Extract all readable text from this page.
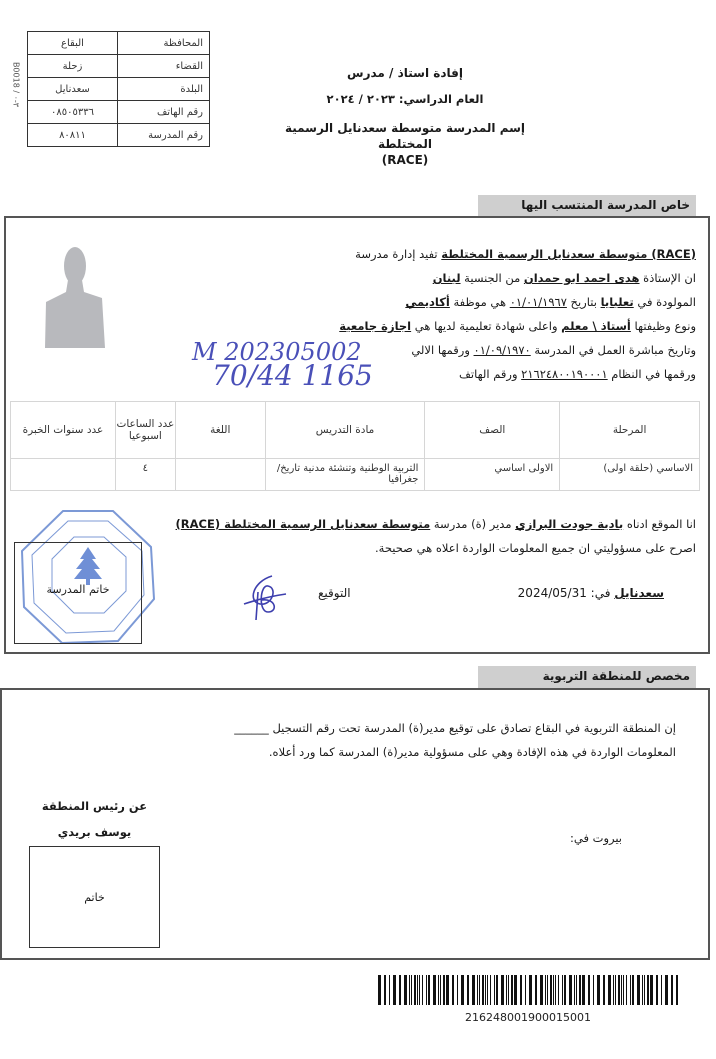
B0018 / ٣-٠
المحافظة	البقاع
القضاء	زحلة
البلدة	سعدنايل
رقم الهاتف	٠٨٥٠٥٣٣٦
رقم المدرسة	٨٠٨١١
إفادة استاذ / مدرس
العام الدراسي: ٢٠٢٣ / ٢٠٢٤
إسم المدرسة متوسطة سعدنايل الرسمية المختلطة
(RACE)
خاص المدرسة المنتسب اليها
(RACE) متوسطة سعدنايل الرسمية المختلطة تفيد إدارة مدرسة
ان الإستاذة هدى احمد ابو حمدان من الجنسية لبنان
المولودة في تعلبايا بتاريخ ٠١/٠١/١٩٦٧ هي موظفة أكاديمي
ونوع وظيفتها أستاذ \ معلم واعلى شهادة تعليمية لديها هي اجازة جامعية
وتاريخ مباشرة العمل في المدرسة ٠١/٠٩/١٩٧٠ ورقمها الالي
ورقمها في النظام ٢١٦٢٤٨٠٠١٩٠٠٠١ ورقم الهاتف
M 202305002
70/44 1165
المرحلة	الصف	مادة التدريس	اللغة	عدد الساعات اسبوعيا	عدد سنوات الخبرة
الاساسي (حلقة اولى)	الاولى اساسي	التربية الوطنية وتنشئة مدنية تاريخ/ جغرافيا		٤	
انا الموقع ادناه بادية جودت البرازي مدير (ة) مدرسة متوسطة سعدنايل الرسمية المختلطة (RACE)
اصرح على مسؤوليتي ان جميع المعلومات الواردة اعلاه هي صحيحة.
خاتم المدرسة	سعدنايل في: 2024/05/31
التوقيع
مخصص للمنطقة التربوية
إن المنطقة التربوية في البقاع تصادق على توقيع مدير(ة) المدرسة تحت رقم التسجيل ______
المعلومات الواردة في هذه الإفادة وهي على مسؤولية مدير(ة) المدرسة كما ورد أعلاه.
عن رئيس المنطقة
يوسف بريدي
خاتم
بيروت في:
216248001900015001
